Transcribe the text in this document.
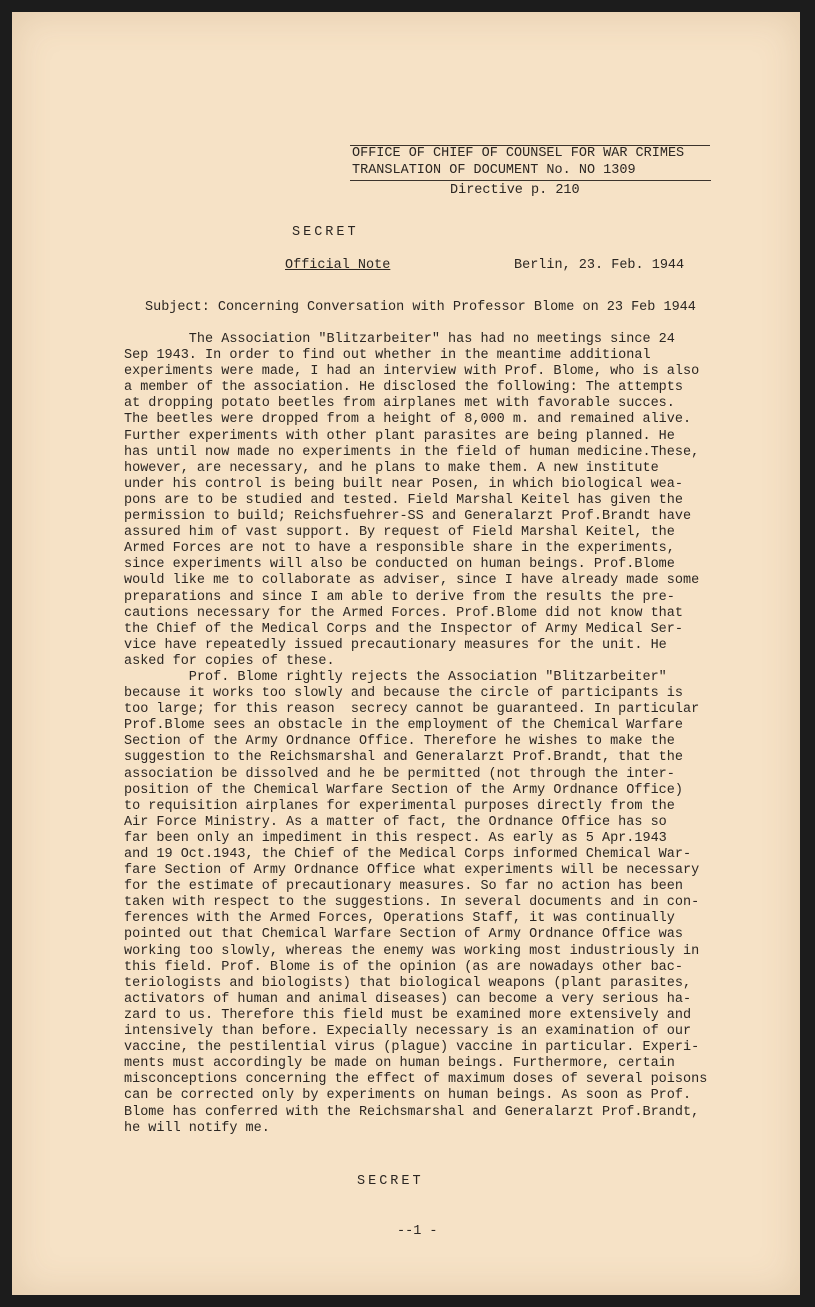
OFFICE OF CHIEF OF COUNSEL FOR WAR CRIMES
TRANSLATION OF DOCUMENT No. NO 1309
Directive p. 210
SECRET
Official Note	Berlin, 23. Feb. 1944
Subject: Concerning Conversation with Professor Blome on 23 Feb 1944

The Association "Blitzarbeiter" has had no meetings since 24
Sep 1943. In order to find out whether in the meantime additional
experiments were made, I had an interview with Prof. Blome, who is also
a member of the association. He disclosed the following: The attempts
at dropping potato beetles from airplanes met with favorable succes.
The beetles were dropped from a height of 8,000 m. and remained alive.
Further experiments with other plant parasites are being planned. He
has until now made no experiments in the field of human medicine.These,
however, are necessary, and he plans to make them. A new institute
under his control is being built near Posen, in which biological wea-
pons are to be studied and tested. Field Marshal Keitel has given the
permission to build; Reichsfuehrer-SS and Generalarzt Prof.Brandt have
assured him of vast support. By request of Field Marshal Keitel, the
Armed Forces are not to have a responsible share in the experiments,
since experiments will also be conducted on human beings. Prof.Blome
would like me to collaborate as adviser, since I have already made some
preparations and since I am able to derive from the results the pre-
cautions necessary for the Armed Forces. Prof.Blome did not know that
the Chief of the Medical Corps and the Inspector of Army Medical Ser-
vice have repeatedly issued precautionary measures for the unit. He
asked for copies of these.

Prof. Blome rightly rejects the Association "Blitzarbeiter"
because it works too slowly and because the circle of participants is
too large; for this reason  secrecy cannot be guaranteed. In particular
Prof.Blome sees an obstacle in the employment of the Chemical Warfare
Section of the Army Ordnance Office. Therefore he wishes to make the
suggestion to the Reichsmarshal and Generalarzt Prof.Brandt, that the
association be dissolved and he be permitted (not through the inter-
position of the Chemical Warfare Section of the Army Ordnance Office)
to requisition airplanes for experimental purposes directly from the
Air Force Ministry. As a matter of fact, the Ordnance Office has so
far been only an impediment in this respect. As early as 5 Apr.1943
and 19 Oct.1943, the Chief of the Medical Corps informed Chemical War-
fare Section of Army Ordnance Office what experiments will be necessary
for the estimate of precautionary measures. So far no action has been
taken with respect to the suggestions. In several documents and in con-
ferences with the Armed Forces, Operations Staff, it was continually
pointed out that Chemical Warfare Section of Army Ordnance Office was
working too slowly, whereas the enemy was working most industriously in
this field. Prof. Blome is of the opinion (as are nowadays other bac-
teriologists and biologists) that biological weapons (plant parasites,
activators of human and animal diseases) can become a very serious ha-
zard to us. Therefore this field must be examined more extensively and
intensively than before. Expecially necessary is an examination of our
vaccine, the pestilential virus (plague) vaccine in particular. Experi-
ments must accordingly be made on human beings. Furthermore, certain
misconceptions concerning the effect of maximum doses of several poisons
can be corrected only by experiments on human beings. As soon as Prof.
Blome has conferred with the Reichsmarshal and Generalarzt Prof.Brandt,
he will notify me.

SECRET
--1 -
